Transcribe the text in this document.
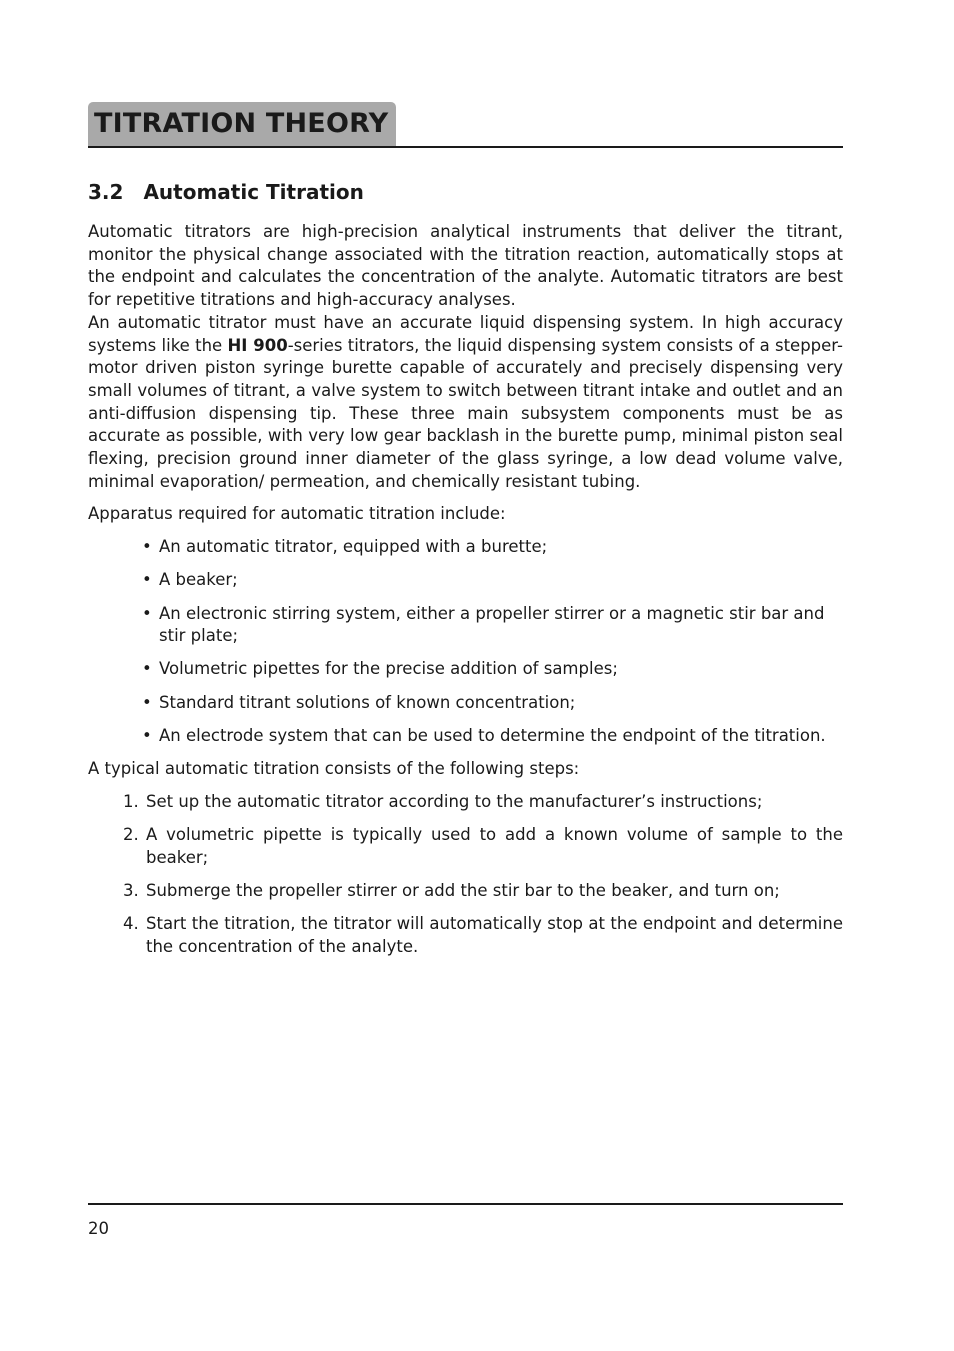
TITRATION THEORY
3.2 Automatic Titration

Automatic titrators are high-precision analytical instruments that deliver the titrant, monitor the physical change associated with the titration reaction, automatically stops at the endpoint and calculates the concentration of the analyte. Automatic titrators are best for repetitive titrations and high-accuracy analyses.

An automatic titrator must have an accurate liquid dispensing system. In high accuracy systems like the HI 900-series titrators, the liquid dispensing system consists of a stepper-motor driven piston syringe burette capable of accurately and precisely dispensing very small volumes of titrant, a valve system to switch between titrant intake and outlet and an anti-diffusion dispensing tip. These three main subsystem components must be as accurate as possible, with very low gear backlash in the burette pump, minimal piston seal flexing, precision ground inner diameter of the glass syringe, a low dead volume valve, minimal evaporation/ permeation, and chemically resistant tubing.

Apparatus required for automatic titration include:

• An automatic titrator, equipped with a burette;
• A beaker;
• An electronic stirring system, either a propeller stirrer or a magnetic stir bar and stir plate;
• Volumetric pipettes for the precise addition of samples;
• Standard titrant solutions of known concentration;
• An electrode system that can be used to determine the endpoint of the titration.

A typical automatic titration consists of the following steps:

1. Set up the automatic titrator according to the manufacturer’s instructions;
2. A volumetric pipette is typically used to add a known volume of sample to the beaker;
3. Submerge the propeller stirrer or add the stir bar to the beaker, and turn on;
4. Start the titration, the titrator will automatically stop at the endpoint and determine the concentration of the analyte.
20
